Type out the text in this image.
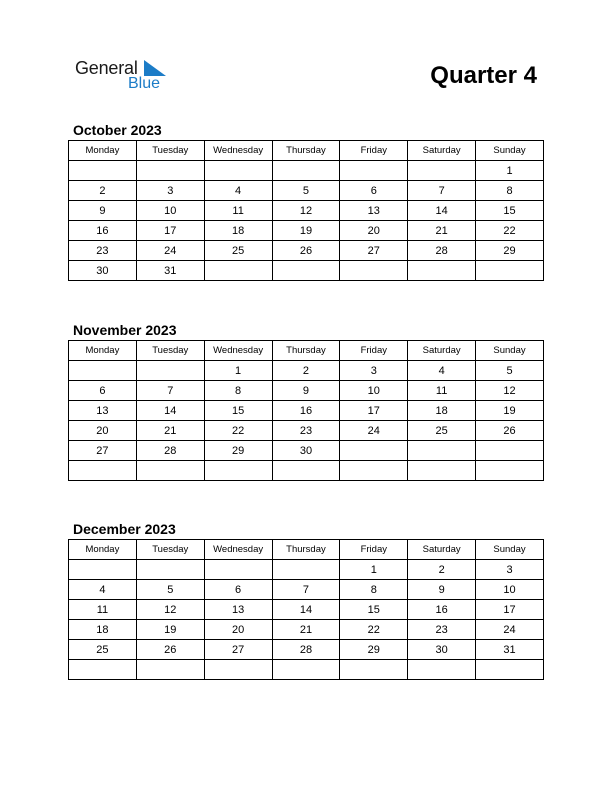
General
Blue	Quarter 4
October 2023
Monday	Tuesday	Wednesday	Thursday	Friday	Saturday	Sunday
						1
2	3	4	5	6	7	8
9	10	11	12	13	14	15
16	17	18	19	20	21	22
23	24	25	26	27	28	29
30	31					
November 2023
Monday	Tuesday	Wednesday	Thursday	Friday	Saturday	Sunday
		1	2	3	4	5
6	7	8	9	10	11	12
13	14	15	16	17	18	19
20	21	22	23	24	25	26
27	28	29	30			

December 2023
Monday	Tuesday	Wednesday	Thursday	Friday	Saturday	Sunday
				1	2	3
4	5	6	7	8	9	10
11	12	13	14	15	16	17
18	19	20	21	22	23	24
25	26	27	28	29	30	31
